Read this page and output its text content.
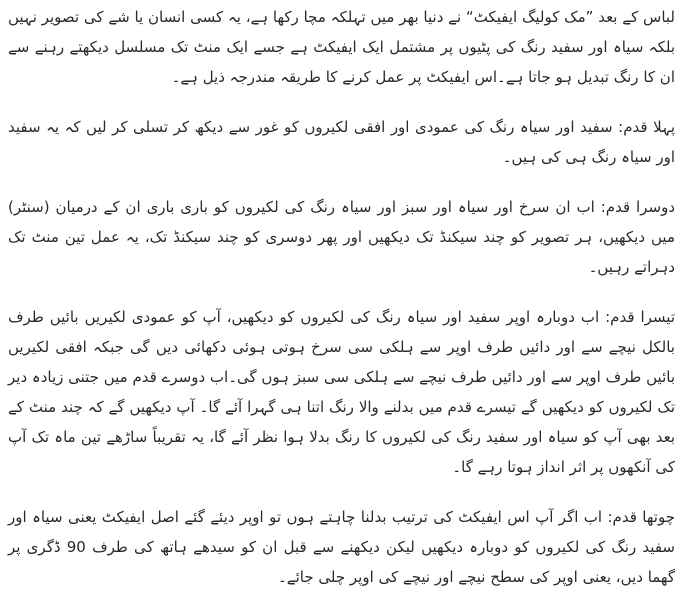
لباس کے بعد ”مک کولیگ ایفیکٹ“ نے دنیا بھر میں تہلکہ مچا رکھا ہے، یہ کسی انسان یا شے کی تصویر نہیں بلکہ سیاہ اور سفید رنگ کی پٹیوں پر مشتمل ایک ایفیکٹ ہے جسے ایک منٹ تک مسلسل دیکھتے رہنے سے ان کا رنگ تبدیل ہو جاتا ہے۔اس ایفیکٹ پر عمل کرنے کا طریقہ مندرجہ ذیل ہے۔

پہلا قدم: سفید اور سیاہ رنگ کی عمودی اور افقی لکیروں کو غور سے دیکھ کر تسلی کر لیں کہ یہ سفید اور سیاہ رنگ ہی کی ہیں۔

دوسرا قدم: اب ان سرخ اور سیاہ اور سبز اور سیاہ رنگ کی لکیروں کو باری باری ان کے درمیان (سنٹر) میں دیکھیں، ہر تصویر کو چند سیکنڈ تک دیکھیں اور پھر دوسری کو چند سیکنڈ تک، یہ عمل تین منٹ تک دہراتے رہیں۔

تیسرا قدم: اب دوبارہ اوپر سفید اور سیاہ رنگ کی لکیروں کو دیکھیں، آپ کو عمودی لکیریں بائیں طرف بالکل نیچے سے اور دائیں طرف اوپر سے ہلکی سی سرخ ہوتی ہوئی دکھائی دیں گی جبکہ افقی لکیریں بائیں طرف اوپر سے اور دائیں طرف نیچے سے ہلکی سی سبز ہوں گی۔اب دوسرے قدم میں جتنی زیادہ دیر تک لکیروں کو دیکھیں گے تیسرے قدم میں بدلنے والا رنگ اتنا ہی گہرا آئے گا۔ آپ دیکھیں گے کہ چند منٹ کے بعد بھی آپ کو سیاہ اور سفید رنگ کی لکیروں کا رنگ بدلا ہوا نظر آئے گا، یہ تقریباً ساڑھے تین ماہ تک آپ کی آنکھوں پر اثر انداز ہوتا رہے گا۔

چوتھا قدم: اب اگر آپ اس ایفیکٹ کی ترتیب بدلنا چاہتے ہوں تو اوپر دیئے گئے اصل ایفیکٹ یعنی سیاہ اور سفید رنگ کی لکیروں کو دوبارہ دیکھیں لیکن دیکھنے سے قبل ان کو سیدھے ہاتھ کی طرف 90 ڈگری پر گھما دیں، یعنی اوپر کی سطح نیچے اور نیچے کی اوپر چلی جائے۔
